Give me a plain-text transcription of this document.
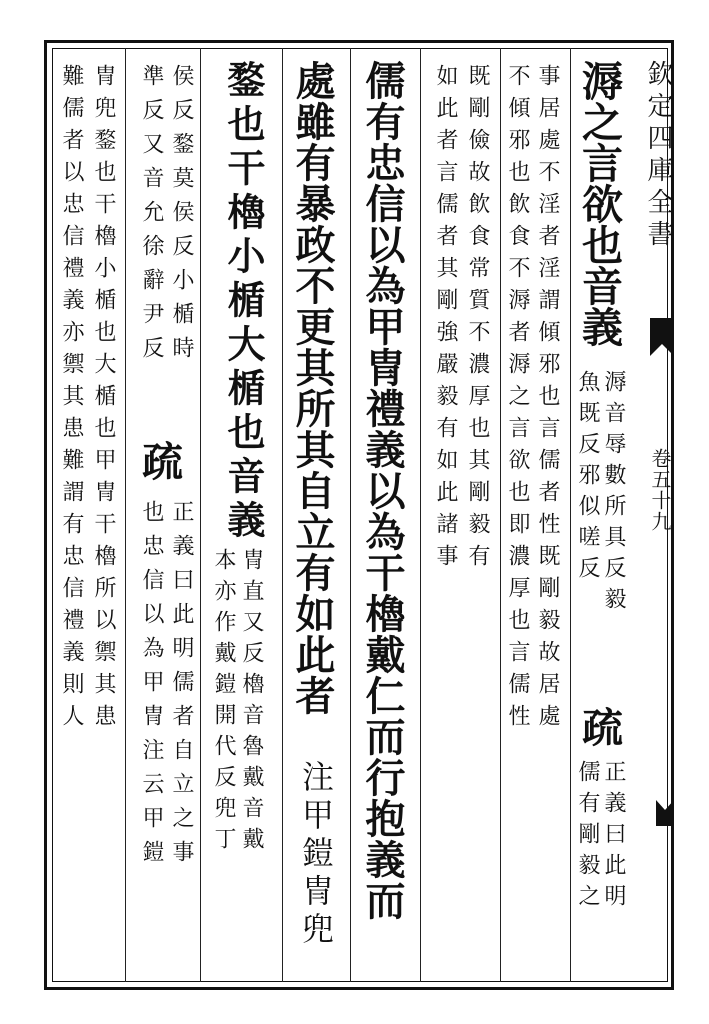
欽定四庫全書
卷五十九
溽之言欲也音義
溽音辱數所具反毅
疏
正義曰此明
魚既反邪似嗟反
儒有剛毅之
事居處不淫者淫謂傾邪也言儒者性既剛毅故居處
不傾邪也飲食不溽者溽之言欲也即濃厚也言儒性
既剛儉故飲食常質不濃厚也其剛毅有
如此者言儒者其剛強嚴毅有如此諸事
儒有忠信以為甲冑禮義以為干櫓戴仁而行抱義而
處雖有暴政不更其所其自立有如此者
注甲鎧冑兜
鍪也干櫓小楯大楯也音義
冑直又反櫓音魯戴音戴
本亦作戴鎧開代反兜丁
侯反鍪莫侯反小楯時
疏
正義曰此明儒者自立之事
準反又音允徐辭尹反
也忠信以為甲冑注云甲鎧
冑兜鍪也干櫓小楯也大楯也甲冑干櫓所以禦其患
難儒者以忠信禮義亦禦其患難謂有忠信禮義則人
